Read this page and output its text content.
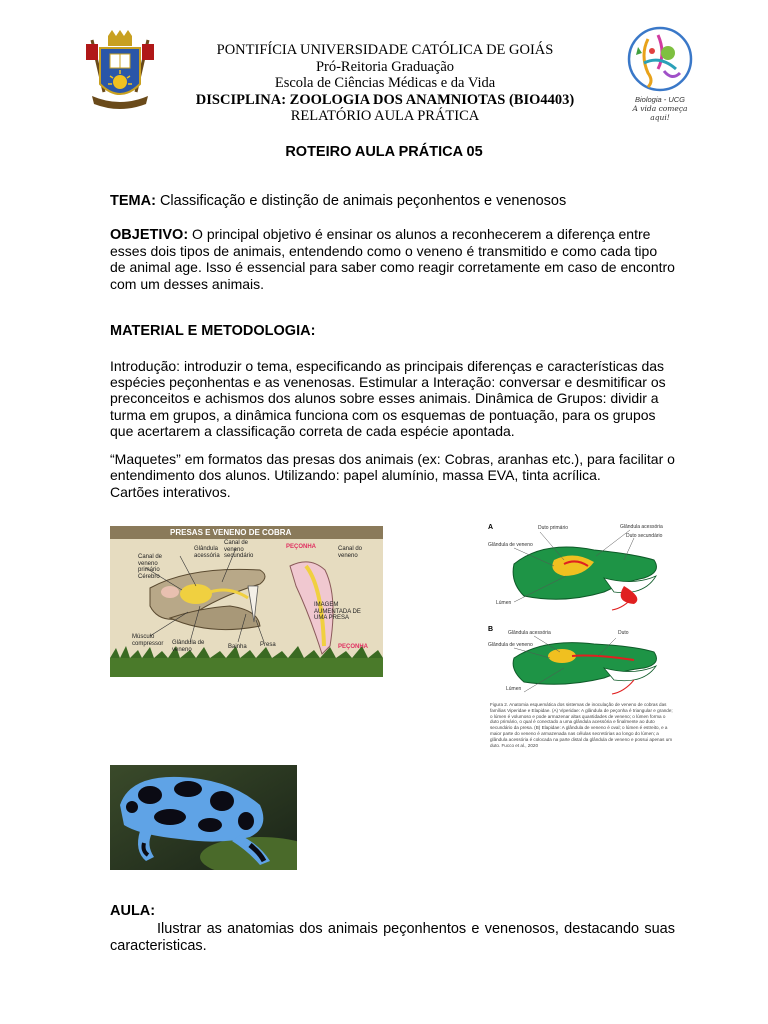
PONTIFÍCIA UNIVERSIDADE CATÓLICA DE GOIÁS
Pró-Reitoria Graduação
Escola de Ciências Médicas e da Vida
DISCIPLINA: ZOOLOGIA DOS ANAMNIOTAS (BIO4403)
RELATÓRIO AULA PRÁTICA
Biologia - UCG
A vida começa aqui!
ROTEIRO AULA PRÁTICA 05
TEMA: Classificação e distinção de animais peçonhentos e venenosos
OBJETIVO: O principal objetivo é ensinar os alunos a reconhecerem a diferença entre esses dois tipos de animais, entendendo como o veneno é transmitido e como cada tipo de animal age. Isso é essencial para saber como reagir corretamente em caso de encontro com um desses animais.
MATERIAL E METODOLOGIA:
Introdução: introduzir o tema, especificando as principais diferenças e características das espécies peçonhentas e as venenosas. Estimular a Interação: conversar e desmitificar os preconceitos e achismos dos alunos sobre esses animais. Dinâmica de Grupos: dividir a turma em grupos, a dinâmica funciona com os esquemas de pontuação, para os grupos que acertarem a classificação correta de cada espécie apontada.
“Maquetes” em formatos das presas dos animais (ex: Cobras, aranhas etc.), para facilitar o entendimento dos alunos. Utilizando: papel alumínio, massa EVA, tinta acrílica.
Cartões interativos.
PRESAS E VENENO DE COBRA
Glândula acessória
Canal de veneno secundário
PEÇONHA
Canal de veneno primário
Canal do veneno
Cérebro
IMAGEM AUMENTADA DE UMA PRESA
Músculo compressor	Glândula de veneno	Bainha Presa	PEÇONHA
A	Duto primário	Glândula acessória
Duto secundário
Glândula de veneno
Lúmen
B	Glândula acessória	Duto
Glândula de veneno
Lúmen
Figura 2. Anatomia esquemática dos sistemas de inoculação de veneno de cobras das famílias Viperidae e Elapidae. (A) Viperidae: A glândula de peçonha é triangular e grande; o lúmen é volumoso e pode armazenar altas quantidades de veneno; o lúmen forma o duto primário, o qual é conectado a uma glândula acessória e finalmente ao duto secundário da presa. (B) Elapidae: A glândula de veneno é oval; o lúmen é estreito, e a maior parte do veneno é armazenada nas células secretórias ao longo do lúmen; a glândula acessória é colocada na parte distal da glândula de veneno e possui apenas um duto. Fucco et al., 2020
AULA:
Ilustrar as anatomias dos animais peçonhentos e venenosos, destacando suas caracteristicas.
